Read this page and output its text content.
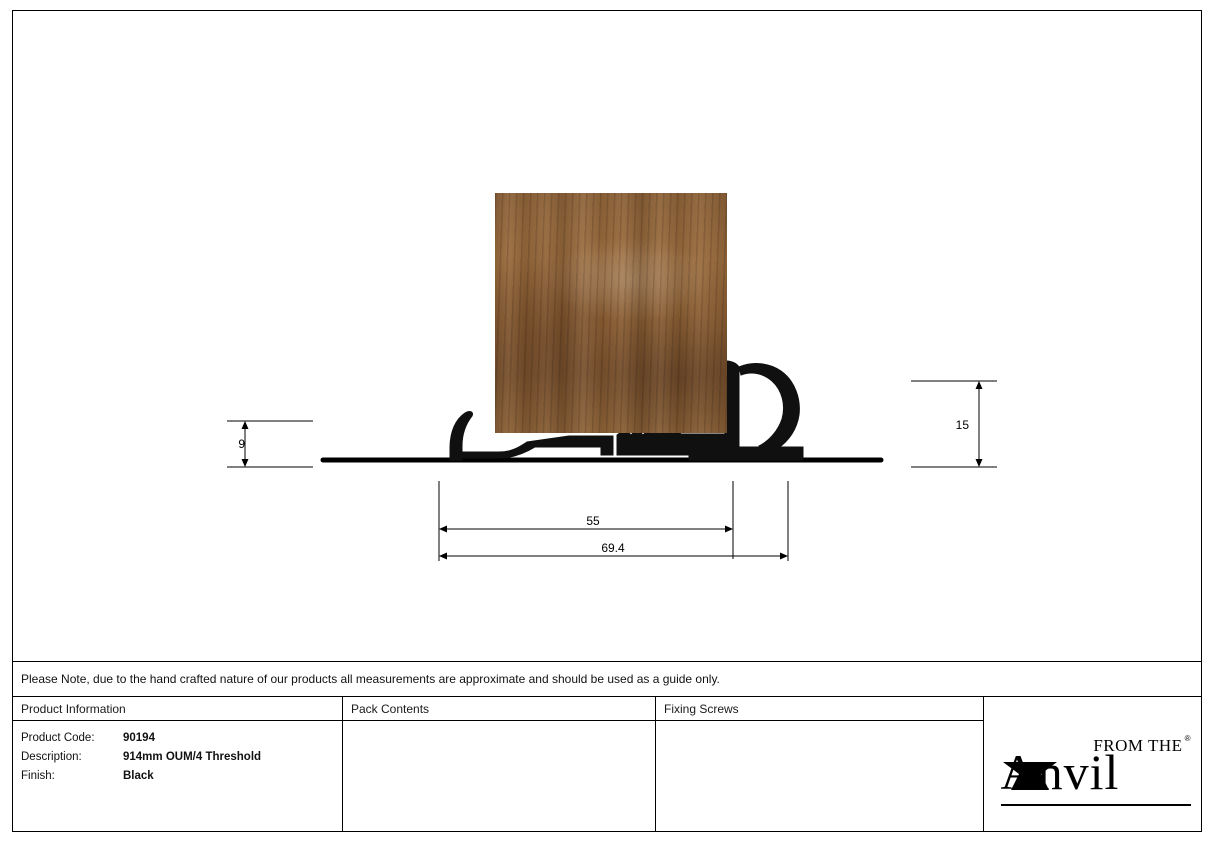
9
15
55
69.4
Please Note, due to the hand crafted nature of our products all measurements are approximate and should be used as a guide only.
Product Information
Product Code:	90194
Description:	914mm OUM/4 Threshold
Finish:	Black
Pack Contents	Fixing Screws
FROM THE ®
Anvil
